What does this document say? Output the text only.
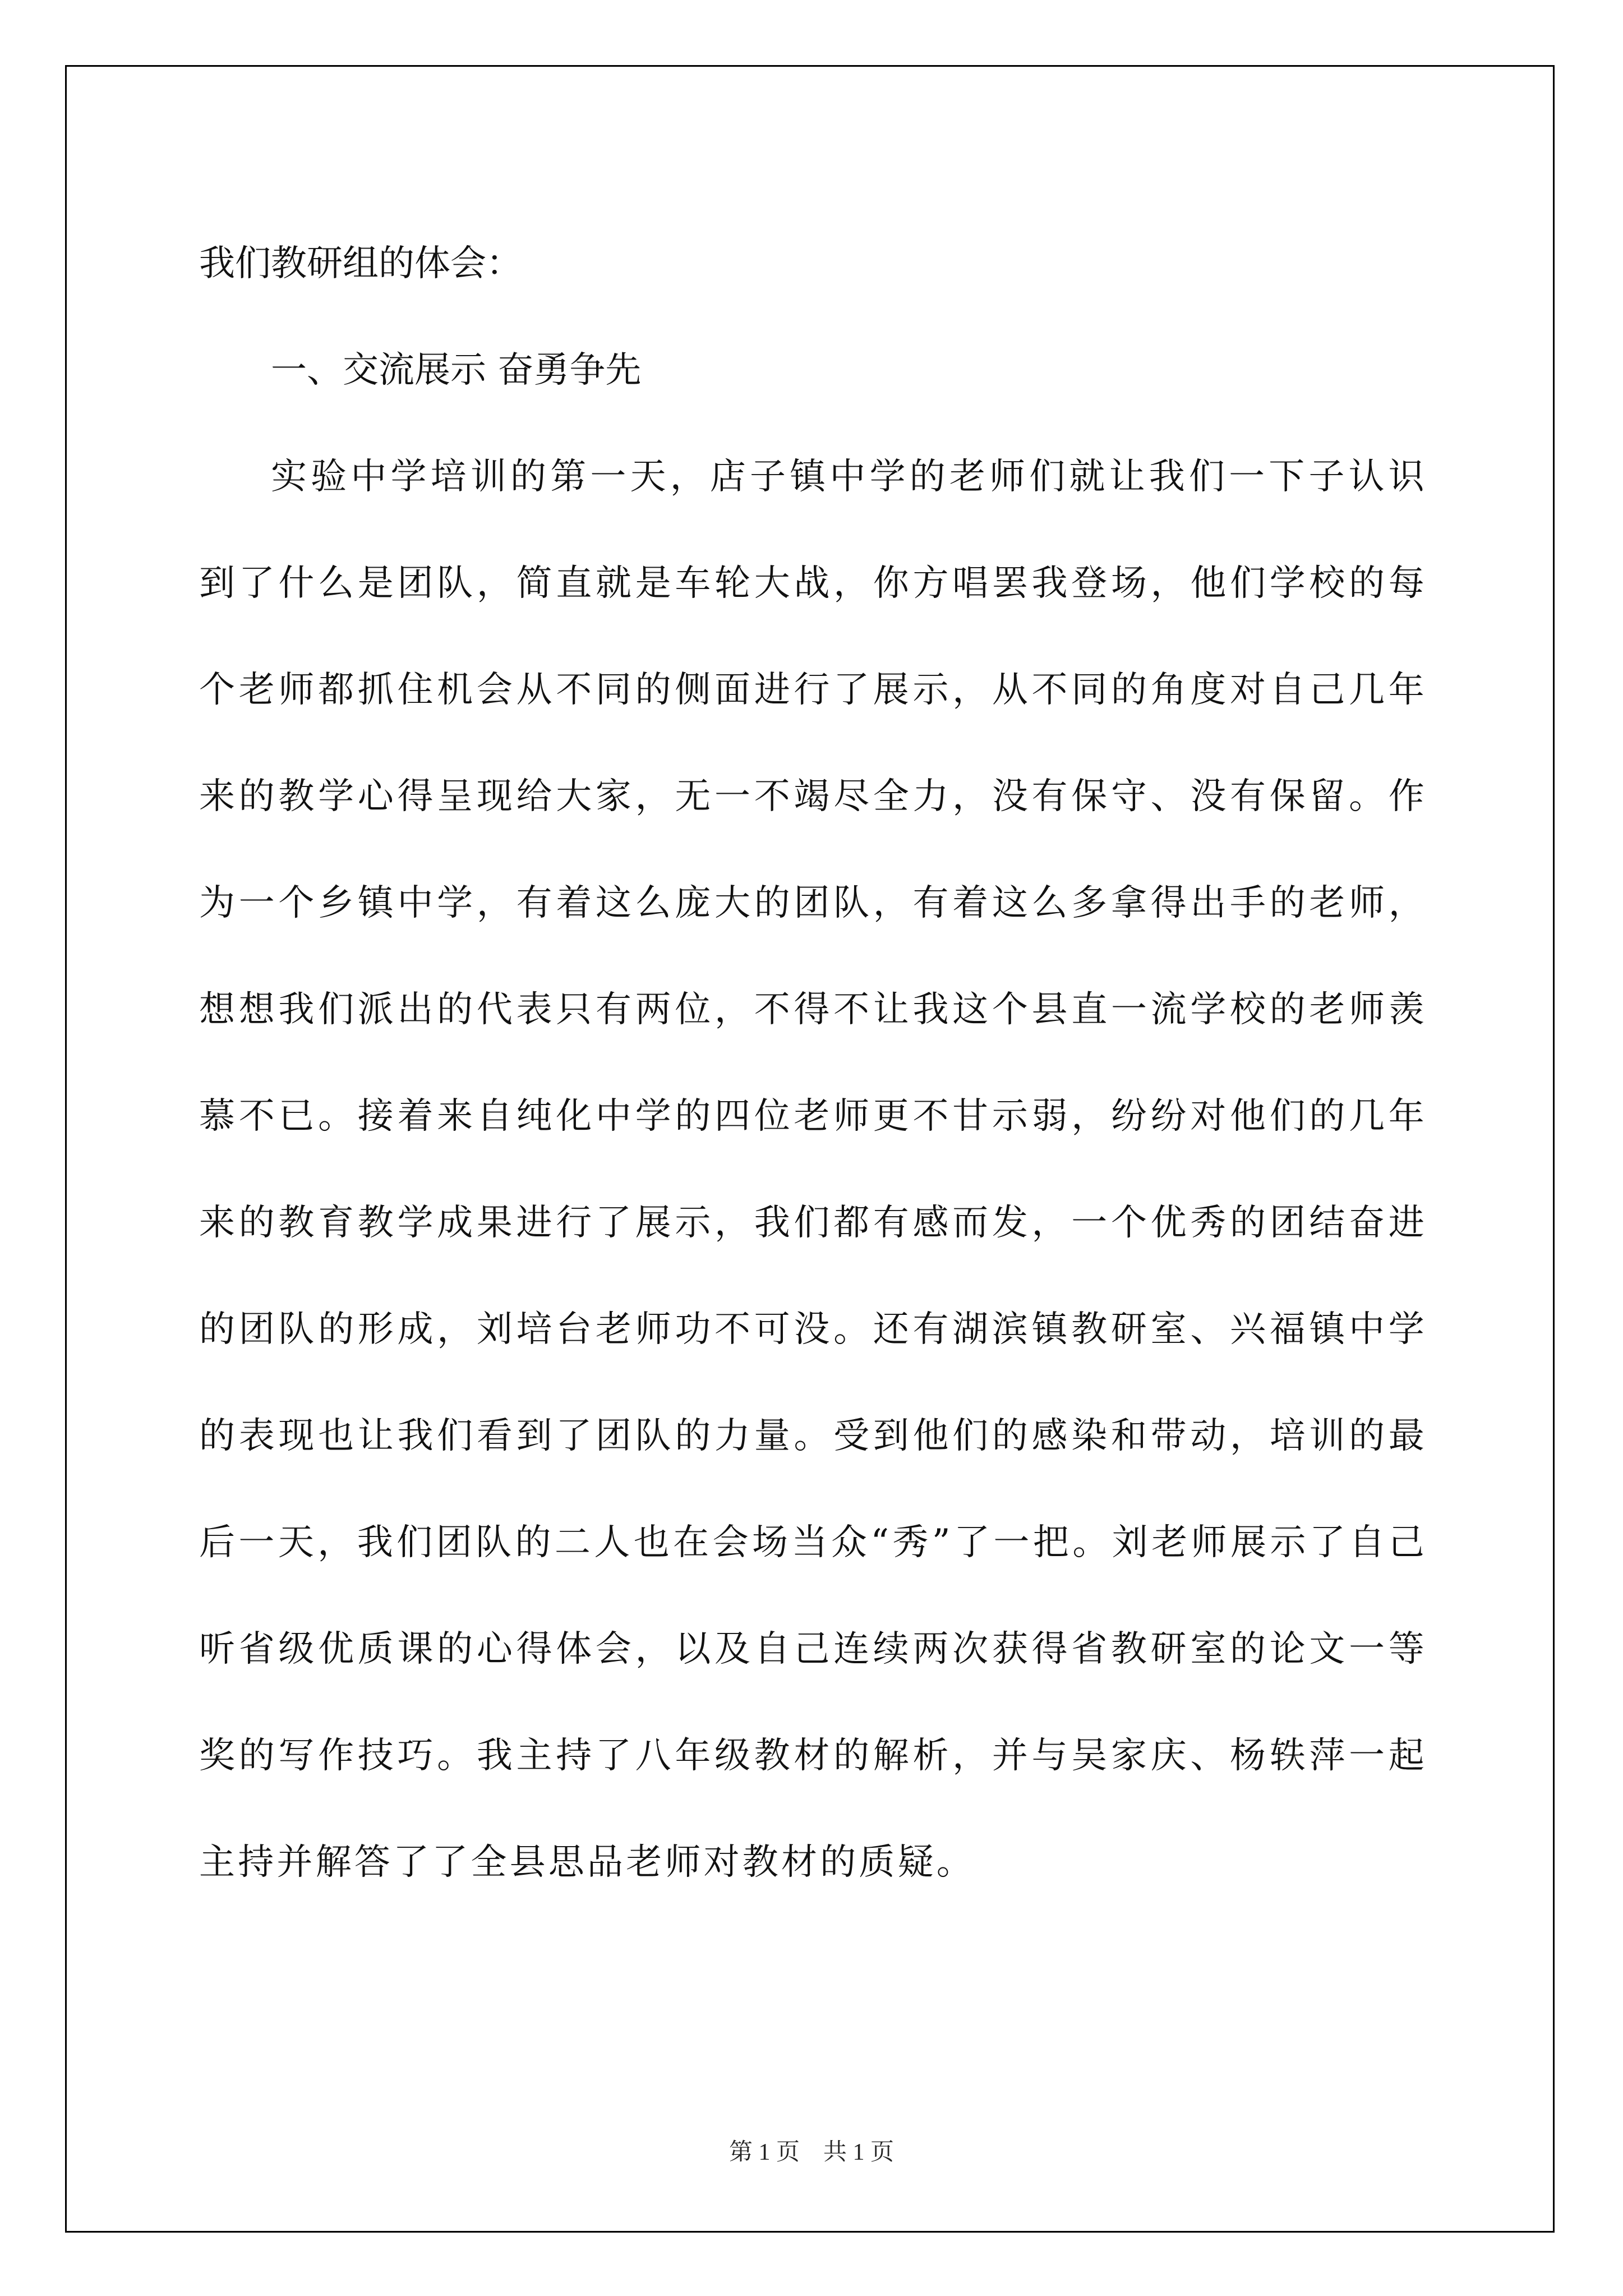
我们教研组的体会：

一、交流展示 奋勇争先

实验中学培训的第一天，店子镇中学的老师们就让我们一下子认识到了什么是团队，简直就是车轮大战，你方唱罢我登场，他们学校的每个老师都抓住机会从不同的侧面进行了展示，从不同的角度对自己几年来的教学心得呈现给大家，无一不竭尽全力，没有保守、没有保留。作为一个乡镇中学，有着这么庞大的团队，有着这么多拿得出手的老师，想想我们派出的代表只有两位，不得不让我这个县直一流学校的老师羡慕不已。接着来自纯化中学的四位老师更不甘示弱，纷纷对他们的几年来的教育教学成果进行了展示，我们都有感而发，一个优秀的团结奋进的团队的形成，刘培台老师功不可没。还有湖滨镇教研室、兴福镇中学的表现也让我们看到了团队的力量。受到他们的感染和带动，培训的最后一天，我们团队的二人也在会场当众“秀”了一把。刘老师展示了自己听省级优质课的心得体会，以及自己连续两次获得省教研室的论文一等奖的写作技巧。我主持了八年级教材的解析，并与吴家庆、杨轶萍一起主持并解答了了全县思品老师对教材的质疑。

第 1 页　共 1 页
